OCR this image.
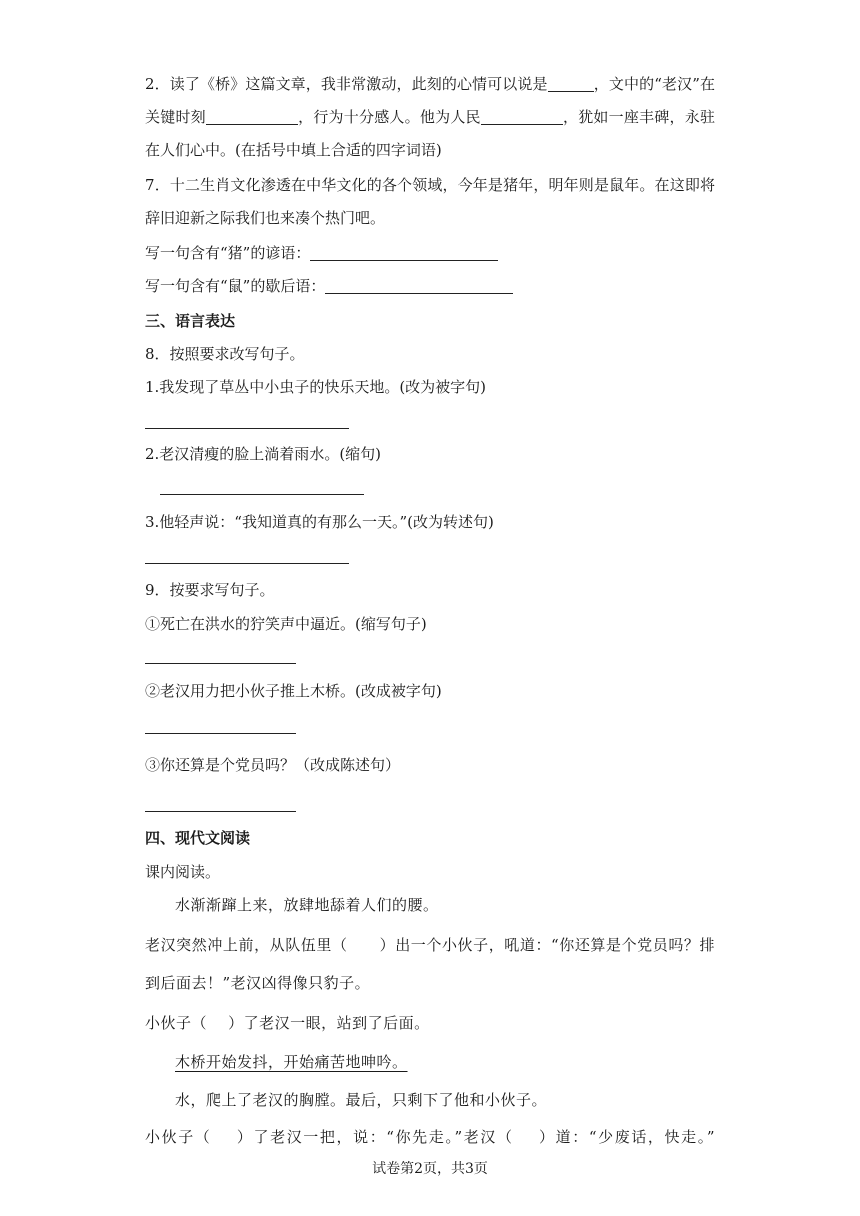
2．读了《桥》这篇文章，我非常激动，此刻的心情可以说是	，文中的“老汉”在
关键时刻	，行为十分感人。他为人民	，犹如一座丰碑，永驻
在人们心中。(在括号中填上合适的四字词语)
7．十二生肖文化渗透在中华文化的各个领域，今年是猪年，明年则是鼠年。在这即将
辞旧迎新之际我们也来凑个热门吧。
写一句含有“猪”的谚语：
写一句含有“鼠”的歇后语：
三、语言表达
8．按照要求改写句子。
1.我发现了草丛中小虫子的快乐天地。(改为被字句)
2.老汉清瘦的脸上淌着雨水。(缩句)
3.他轻声说：“我知道真的有那么一天。”(改为转述句)
9．按要求写句子。
①死亡在洪水的狞笑声中逼近。(缩写句子)
②老汉用力把小伙子推上木桥。(改成被字句)
③你还算是个党员吗？（改成陈述句）
四、现代文阅读
课内阅读。
水渐渐蹿上来，放肆地舔着人们的腰。
老汉突然冲上前，从队伍里（      ）出一个小伙子，吼道：“你还算是个党员吗？排
到后面去！”老汉凶得像只豹子。
小伙子（    ）了老汉一眼，站到了后面。
木桥开始发抖，开始痛苦地呻吟。
水，爬上了老汉的胸膛。最后，只剩下了他和小伙子。
小伙子（    ）了老汉一把，说：“你先走。”老汉（    ）道：“少废话，快走。”
试卷第2页，共3页
